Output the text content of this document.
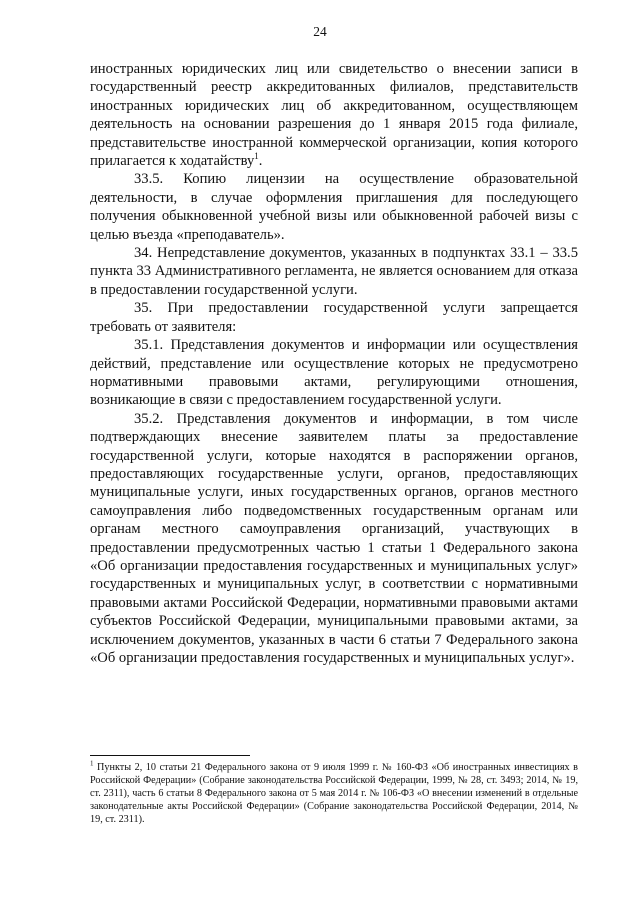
24

иностранных юридических лиц или свидетельство о внесении записи в государственный реестр аккредитованных филиалов, представительств иностранных юридических лиц об аккредитованном, осуществляющем деятельность на основании разрешения до 1 января 2015 года филиале, представительстве иностранной коммерческой организации, копия которого прилагается к ходатайству$^1$.

33.5. Копию лицензии на осуществление образовательной деятельности, в случае оформления приглашения для последующего получения обыкновенной учебной визы или обыкновенной рабочей визы с целью въезда «преподаватель».

34. Непредставление документов, указанных в подпунктах 33.1 – 33.5 пункта 33 Административного регламента, не является основанием для отказа в предоставлении государственной услуги.

35. При предоставлении государственной услуги запрещается требовать от заявителя:

35.1. Представления документов и информации или осуществления действий, представление или осуществление которых не предусмотрено нормативными правовыми актами, регулирующими отношения, возникающие в связи с предоставлением государственной услуги.

35.2. Представления документов и информации, в том числе подтверждающих внесение заявителем платы за предоставление государственной услуги, которые находятся в распоряжении органов, предоставляющих государственные услуги, органов, предоставляющих муниципальные услуги, иных государственных органов, органов местного самоуправления либо подведомственных государственным органам или органам местного самоуправления организаций, участвующих в предоставлении предусмотренных частью 1 статьи 1 Федерального закона «Об организации предоставления государственных и муниципальных услуг» государственных и муниципальных услуг, в соответствии с нормативными правовыми актами Российской Федерации, нормативными правовыми актами субъектов Российской Федерации, муниципальными правовыми актами, за исключением документов, указанных в части 6 статьи 7 Федерального закона «Об организации предоставления государственных и муниципальных услуг».

$^1$ Пункты 2, 10 статьи 21 Федерального закона от 9 июля 1999 г. № 160-ФЗ «Об иностранных инвестициях в Российской Федерации» (Собрание законодательства Российской Федерации, 1999, № 28, ст. 3493; 2014, № 19, ст. 2311), часть 6 статьи 8 Федерального закона от 5 мая 2014 г. № 106-ФЗ «О внесении изменений в отдельные законодательные акты Российской Федерации» (Собрание законодательства Российской Федерации, 2014, № 19, ст. 2311).
